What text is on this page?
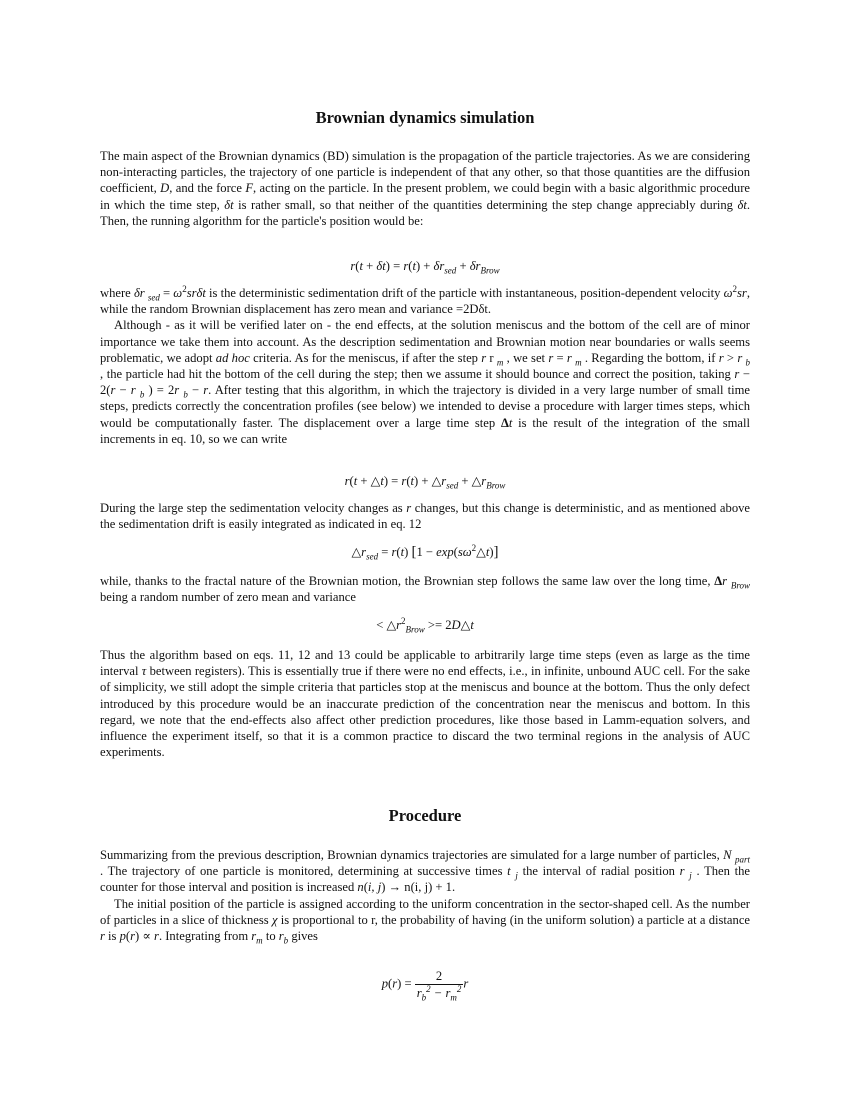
Brownian dynamics simulation

The main aspect of the Brownian dynamics (BD) simulation is the propagation of the particle trajectories. As we are considering non-interacting particles, the trajectory of one particle is independent of that any other, so that those quantities are the diffusion coefficient, D, and the force F, acting on the particle. In the present problem, we could begin with a basic algorithmic procedure in which the time step, δt is rather small, so that neither of the quantities determining the step change appreciably during δt. Then, the running algorithm for the particle's position would be:

$r(t + \delta t) = r(t) + \delta r_{sed} + \delta r_{Brow}$

where δr $_{sed} = \omega^2sr\delta t$ is the deterministic sedimentation drift of the particle with instantaneous, position-dependent velocity $\omega^2sr$, while the random Brownian displacement has zero mean and variance =2Dδt.

Although - as it will be verified later on - the end effects, at the solution meniscus and the bottom of the cell are of minor importance we take them into account. As the description sedimentation and Brownian motion near boundaries or walls seems problematic, we adopt ad hoc criteria. As for the meniscus, if after the step r r $_m$ , we set r = r $_m$ . Regarding the bottom, if r > r $_b$ , the particle had hit the bottom of the cell during the step; then we assume it should bounce and correct the position, taking r − 2(r − r $_b$ ) = 2r $_b$ − r. After testing that this algorithm, in which the trajectory is divided in a very large number of small time steps, predicts correctly the concentration profiles (see below) we intended to devise a procedure with larger times steps, which would be computationally faster. The displacement over a large time step Δt is the result of the integration of the small increments in eq. 10, so we can write

r(t + △t) = $r(t) + \triangle r_{sed}$ + $\triangle r_{Brow}$

During the large step the sedimentation velocity changes as r changes, but this change is deterministic, and as mentioned above the sedimentation drift is easily integrated as indicated in eq. 12

$\triangle r_{sed} = r(t) [1$ − $\exp(s\omega^2\triangle t)$]

while, thanks to the fractal nature of the Brownian motion, the Brownian step follows the same law over the long time, Δr $_{Brow}$ being a random number of zero mean and variance

< $\triangle r^2_{Brow}$ >= 2D△t

Thus the algorithm based on eqs. 11, 12 and 13 could be applicable to arbitrarily large time steps (even as large as the time interval τ between registers). This is essentially true if there were no end effects, i.e., in infinite, unbound AUC cell. For the sake of simplicity, we still adopt the simple criteria that particles stop at the meniscus and bounce at the bottom. Thus the only defect introduced by this procedure would be an inaccurate prediction of the concentration near the meniscus and bottom. In this regard, we note that the end-effects also affect other prediction procedures, like those based in Lamm-equation solvers, and influence the experiment itself, so that it is a common practice to discard the two terminal regions in the analysis of AUC experiments.

Procedure

Summarizing from the previous description, Brownian dynamics trajectories are simulated for a large number of particles, N $_{part}$ . The trajectory of one particle is monitored, determining at successive times t $_j$ the interval of radial position r $_j$ . Then the counter for those interval and position is increased n(i, j) → n(i, j) + 1.

The initial position of the particle is assigned according to the uniform concentration in the sector-shaped cell. As the number of particles in a slice of thickness χ is proportional to r, the probability of having (in the uniform solution) a particle at a distance r is p(r) ∝ r. Integrating from $r_m$ to $r_b$ gives

$p(r) = \frac{2}{r_b^2 - r_m^2}$ r
